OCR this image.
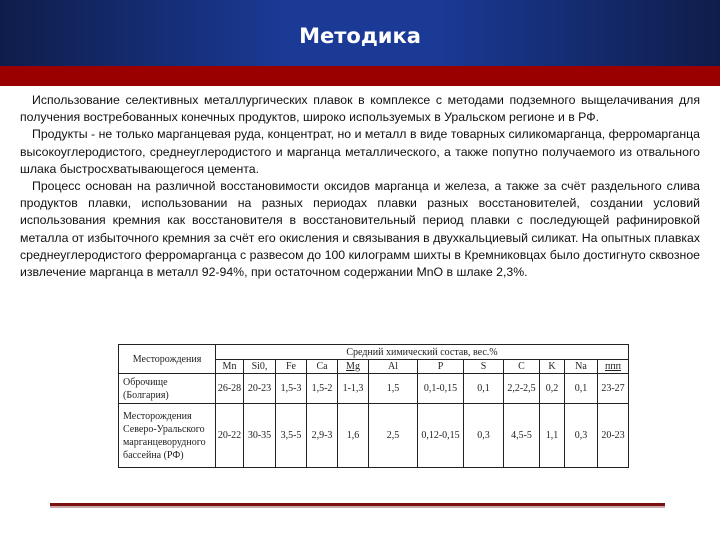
Методика

Использование селективных металлургических плавок в комплексе с методами подземного выщелачивания для получения востребованных конечных продуктов, широко используемых в Уральском регионе и в РФ.

Продукты - не только марганцевая руда, концентрат, но и металл в виде товарных силикомарганца, ферромарганца высокоуглеродистого, среднеуглеродистого и марганца металлического, а также попутно получаемого из отвального шлака быстросхватывающегося цемента.

Процесс основан на различной восстановимости оксидов марганца и железа, а также за счёт раздельного слива продуктов плавки, использовании на разных периодах плавки разных восстановителей, создании условий использования кремния как восстановителя в восстановительный период плавки с последующей рафинировкой металла от избыточного кремния за счёт его окисления и связывания в двухкальциевый силикат. На опытных плавках среднеуглеродистого ферромарганца с развесом до 100 килограмм шихты в Кремниковцах было достигнуто сквозное извлечение марганца в металл 92-94%, при остаточном содержании MnO в шлаке 2,3%.

Месторождения	Средний химический состав, вес.%											
	Mn	Si0,	Fe	Ca	Mg	Al	P	S	C	K	Na	ппп
Оброчище (Болгария)	26-28	20-23	1,5-3	1,5-2	1-1,3	1,5	0,1-0,15	0,1	2,2-2,5	0,2	0,1	23-27
Месторождения Северо-Уральского марганцеворудного бассейна (РФ)	20-22	30-35	3,5-5	2,9-3	1,6	2,5	0,12-0,15	0,3	4,5-5	1,1	0,3	20-23
